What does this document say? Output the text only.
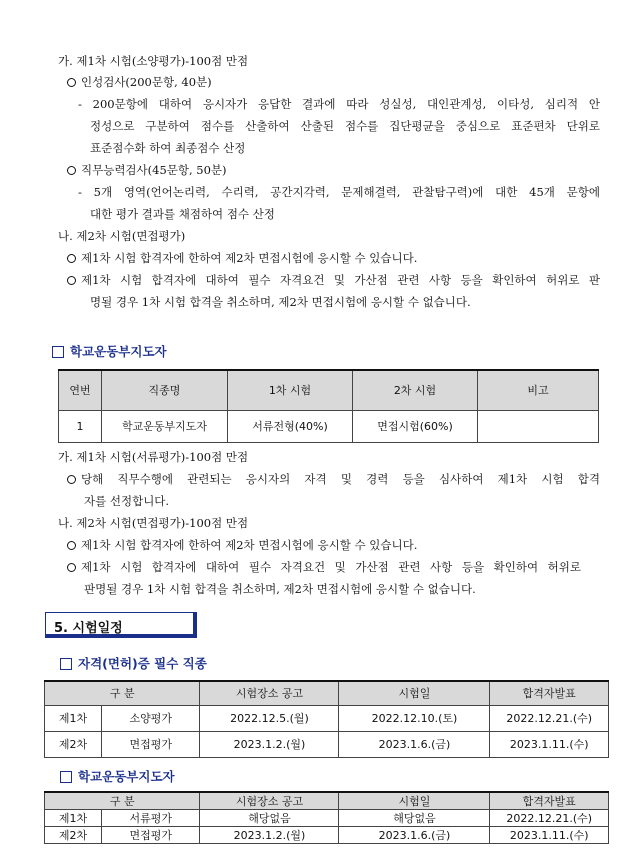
가. 제1차 시험(소양평가)-100점 만점
인성검사(200문항, 40분)
- 200문항에 대하여 응시자가 응답한 결과에 따라 성실성, 대인관계성, 이타성, 심리적 안
정성으로 구분하여 점수를 산출하여 산출된 점수를 집단평균을 중심으로 표준편차 단위로
표준점수화 하여 최종점수 산정
직무능력검사(45문항, 50분)
- 5개 영역(언어논리력, 수리력, 공간지각력, 문제해결력, 관찰탐구력)에 대한 45개 문항에
대한 평가 결과를 채점하여 점수 산정
나. 제2차 시험(면접평가)
제1차 시험 합격자에 한하여 제2차 면접시험에 응시할 수 있습니다.
제1차 시험 합격자에 대하여 필수 자격요건 및 가산점 관련 사항 등을 확인하여 허위로 판
명될 경우 1차 시험 합격을 취소하며, 제2차 면접시험에 응시할 수 없습니다.
학교운동부지도자
연번	직종명	1차 시험	2차 시험	비고
1	학교운동부지도자	서류전형(40%)	면접시험(60%)	
가. 제1차 시험(서류평가)-100점 만점
당해 직무수행에 관련되는 응시자의 자격 및 경력 등을 심사하여 제1차 시험 합격
자를 선정합니다.
나. 제2차 시험(면접평가)-100점 만점
제1차 시험 합격자에 한하여 제2차 면접시험에 응시할 수 있습니다.
제1차 시험 합격자에 대하여 필수 자격요건 및 가산점 관련 사항 등을 확인하여 허위로
판명될 경우 1차 시험 합격을 취소하며, 제2차 면접시험에 응시할 수 없습니다.
5. 시험일정
자격(면허)증 필수 직종
구 분		시험장소 공고	시험일	합격자발표
제1차	소양평가	2022.12.5.(월)	2022.12.10.(토)	2022.12.21.(수)
제2차	면접평가	2023.1.2.(월)	2023.1.6.(금)	2023.1.11.(수)
학교운동부지도자
구 분		시험장소 공고	시험일	합격자발표
제1차	서류평가	해당없음	해당없음	2022.12.21.(수)
제2차	면접평가	2023.1.2.(월)	2023.1.6.(금)	2023.1.11.(수)
